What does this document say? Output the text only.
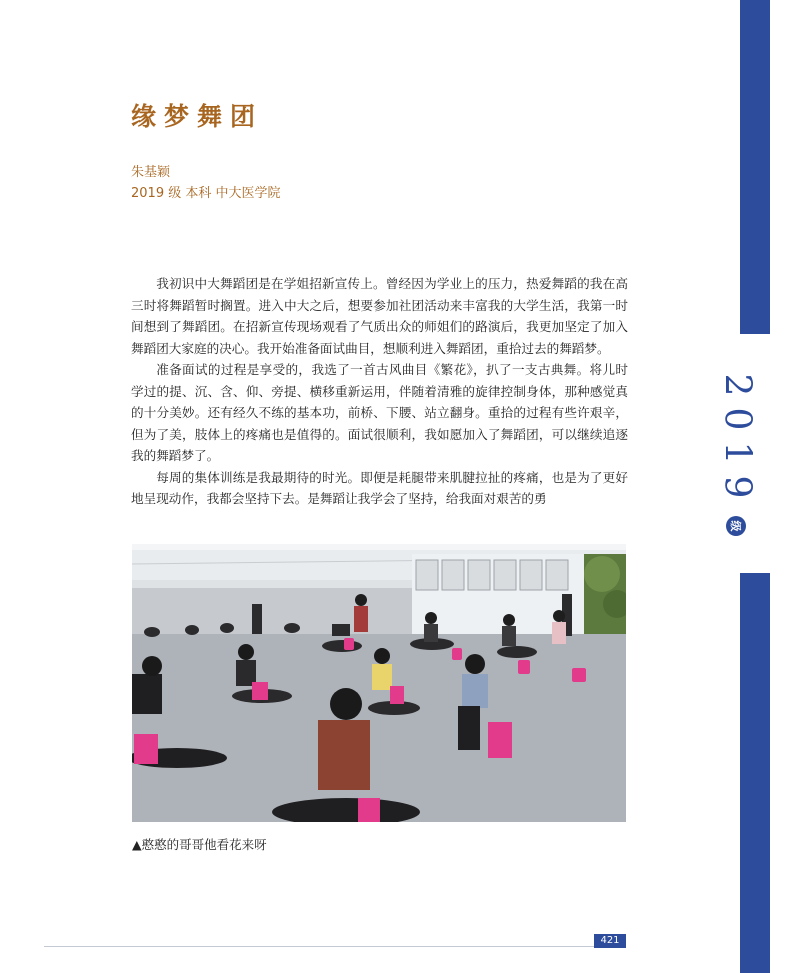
2
0
1
9
级
缘梦舞团
朱基颖
2019 级 本科 中大医学院

我初识中大舞蹈团是在学姐招新宣传上。曾经因为学业上的压力，热爱舞蹈的我在高三时将舞蹈暂时搁置。进入中大之后，想要参加社团活动来丰富我的大学生活，我第一时间想到了舞蹈团。在招新宣传现场观看了气质出众的师姐们的路演后，我更加坚定了加入舞蹈团大家庭的决心。我开始准备面试曲目，想顺利进入舞蹈团，重拾过去的舞蹈梦。

准备面试的过程是享受的，我选了一首古风曲目《繁花》，扒了一支古典舞。将儿时学过的提、沉、含、仰、旁提、横移重新运用，伴随着清雅的旋律控制身体，那种感觉真的十分美妙。还有经久不练的基本功，前桥、下腰、站立翻身。重拾的过程有些许艰辛，但为了美，肢体上的疼痛也是值得的。面试很顺利，我如愿加入了舞蹈团，可以继续追逐我的舞蹈梦了。

每周的集体训练是我最期待的时光。即便是耗腿带来肌腱拉扯的疼痛，也是为了更好地呈现动作，我都会坚持下去。是舞蹈让我学会了坚持，给我面对艰苦的勇

▲憨憨的哥哥他看花来呀
421
